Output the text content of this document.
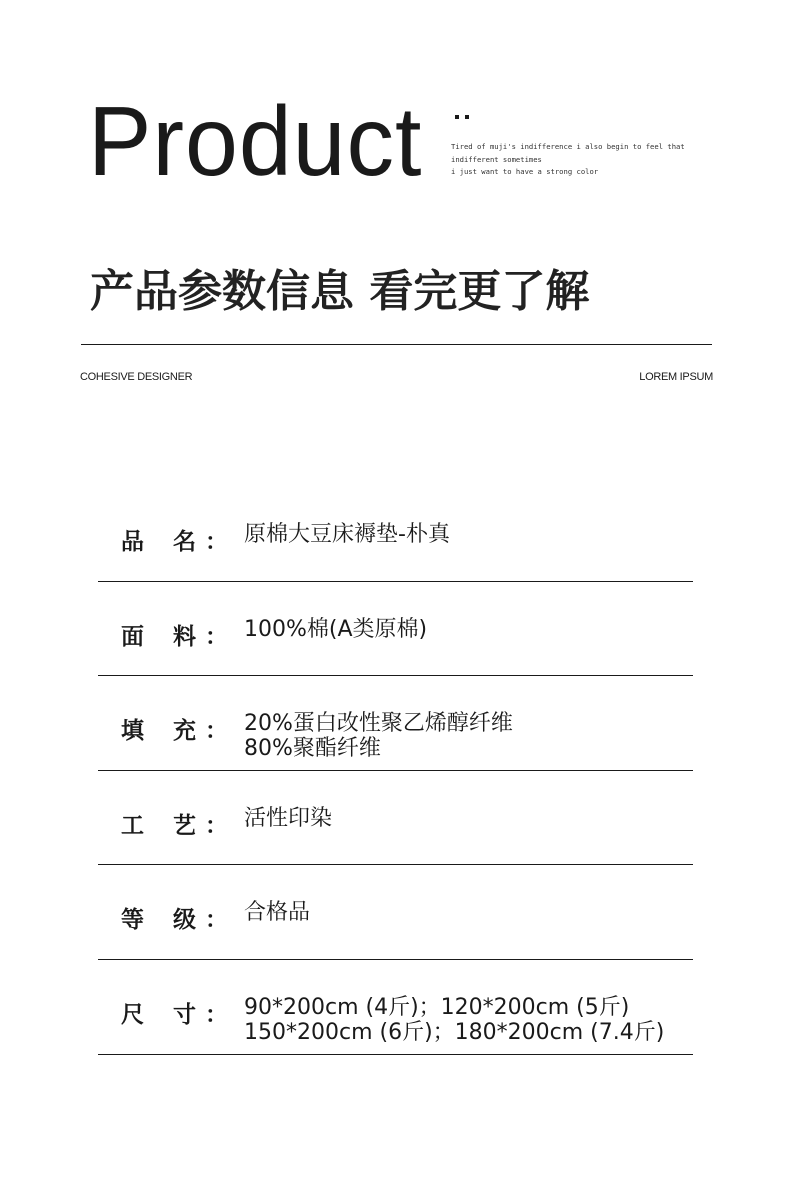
Product	Tired of muji's indifference i also begin to feel that
indifferent sometimes
i just want to have a strong color
产品参数信息 看完更了解
COHESIVE DESIGNER	LOREM IPSUM
品 名 ： 原棉大豆床褥垫-朴真
面 料 ： 100%棉(A类原棉)
填 充 ： 20%蛋白改性聚乙烯醇纤维
80%聚酯纤维
工 艺 ： 活性印染
等 级 ： 合格品
尺 寸 ： 90*200cm (4斤)；120*200cm (5斤)
150*200cm (6斤)；180*200cm (7.4斤)
